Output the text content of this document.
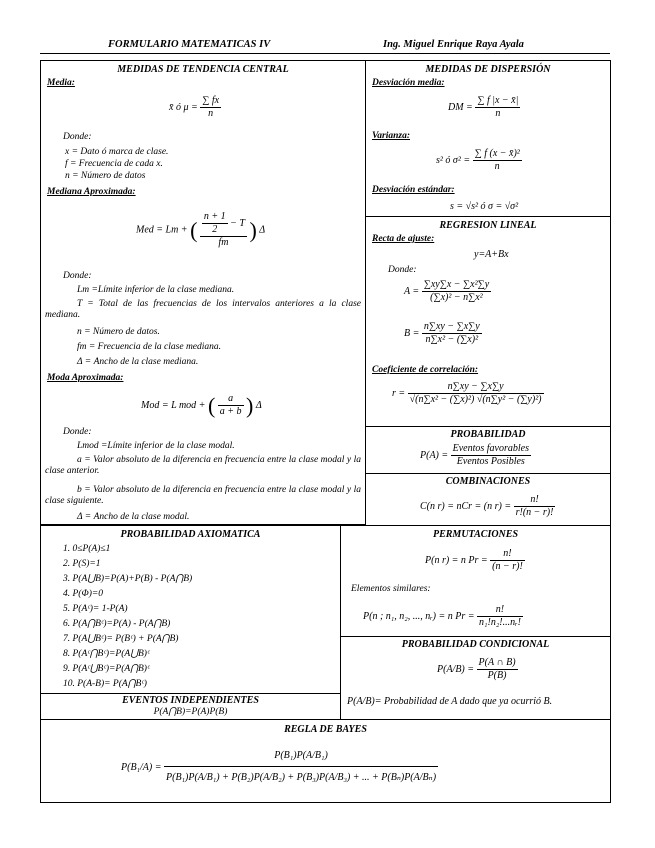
FORMULARIO MATEMATICAS IV	Ing. Miguel Enrique Raya Ayala
MEDIDAS DE TENDENCIA CENTRAL
Media:
x̄ ó $\mu = \frac{\sum fx}{n}$
Donde:
x = Dato ó marca de clase.
f = Frecuencia de cada x.
n = Número de datos
Mediana Aproximada:
Med = Lm + ( $\frac{\frac{n + 1}{2} - T}{fm}$ ) Δ
Donde:
Lm =Límite inferior de la clase mediana.
T = Total de las frecuencias de los intervalos anteriores a la clase mediana.
n = Número de datos.
fm = Frecuencia de la clase mediana.
Δ = Ancho de la clase mediana.
Moda Aproximada:
Mod = L mod + ( $\frac{a}{a + b}$ ) Δ
Donde:
Lmod =Límite inferior de la clase modal.
a = Valor absoluto de la diferencia en frecuencia entre la clase modal y la clase anterior.
b = Valor absoluto de la diferencia en frecuencia entre la clase modal y la clase siguiente.
Δ = Ancho de la clase modal.
MEDIDAS DE DISPERSIÓN
Desviación media:
DM = $\frac{\sum f |x - x̄|}{n}$
Varianza:
s² ó $\sigma^2 = \frac{\text{∑ f (x − x̄)²}}{n}$
Desviación estándar:
s = √s² ó σ = √σ²
REGRESION LINEAL
Recta de ajuste:
y=A+Bx
Donde:
$A = \frac{\text{∑xy∑x − ∑x²∑y}}{\text{(∑x)² − n∑x²}}$
$B = \frac{n\sum xy - \sum x\sum y}{\text{n∑x² − (∑x)²}}$
Coeficiente de correlación:
$r = \frac{n\sum xy - \sum x\sum y}{\text{√(n∑x² − (∑x)²) √(n∑y² − (∑y)²)}}$
PROBABILIDAD
$P(A) = \frac{\text{Eventos favorables}}{\text{Eventos Posibles}}$
COMBINACIONES
C(n r) = nCr = (n $r) = \frac{n!}{r!(n - r)!}$
PROBABILIDAD AXIOMATICA
1. 0≤P(A)≤1
2. P(S)=1
3. P(A⋃B)=P(A)+P(B) - P(A⋂B)
4. P(Φ)=0
5. P(Aᶜ)= 1-P(A)
6. P(A⋂Bᶜ)=P(A) - P(A⋂B)
7. P(A⋃Bᶜ)= P(Bᶜ) + P(A⋂B)
8. P(Aᶜ⋂Bᶜ)=P(A⋃B)ᶜ
9. P(Aᶜ⋃Bᶜ)=P(A⋂B)ᶜ
10. P(A-B)= P(A⋂Bᶜ)
EVENTOS INDEPENDIENTES
P(A⋂B)=P(A)P(B)
PERMUTACIONES
P(n r) = n $Pr = \frac{n!}{(n - r)!}$
Elementos similares:
P(n ; n₁, n₂, ..., nᵣ) = n $Pr = \frac{n!}{\text{n₁!n₂!...nᵣ!}}$
PROBABILIDAD CONDICIONAL
$P(A/B) = \frac{P(A \cap B)}{P(B)}$
P(A/B)= Probabilidad de A dado que ya ocurrió B.
REGLA DE BAYES
P(B₁/A) =
P(B₁)P(A/B₁)
P(B₁)P(A/B₁) + P(B₂)P(A/B₂) + P(B₃)P(A/B₃) + ... + P(Bₙ)P(A/Bₙ)
